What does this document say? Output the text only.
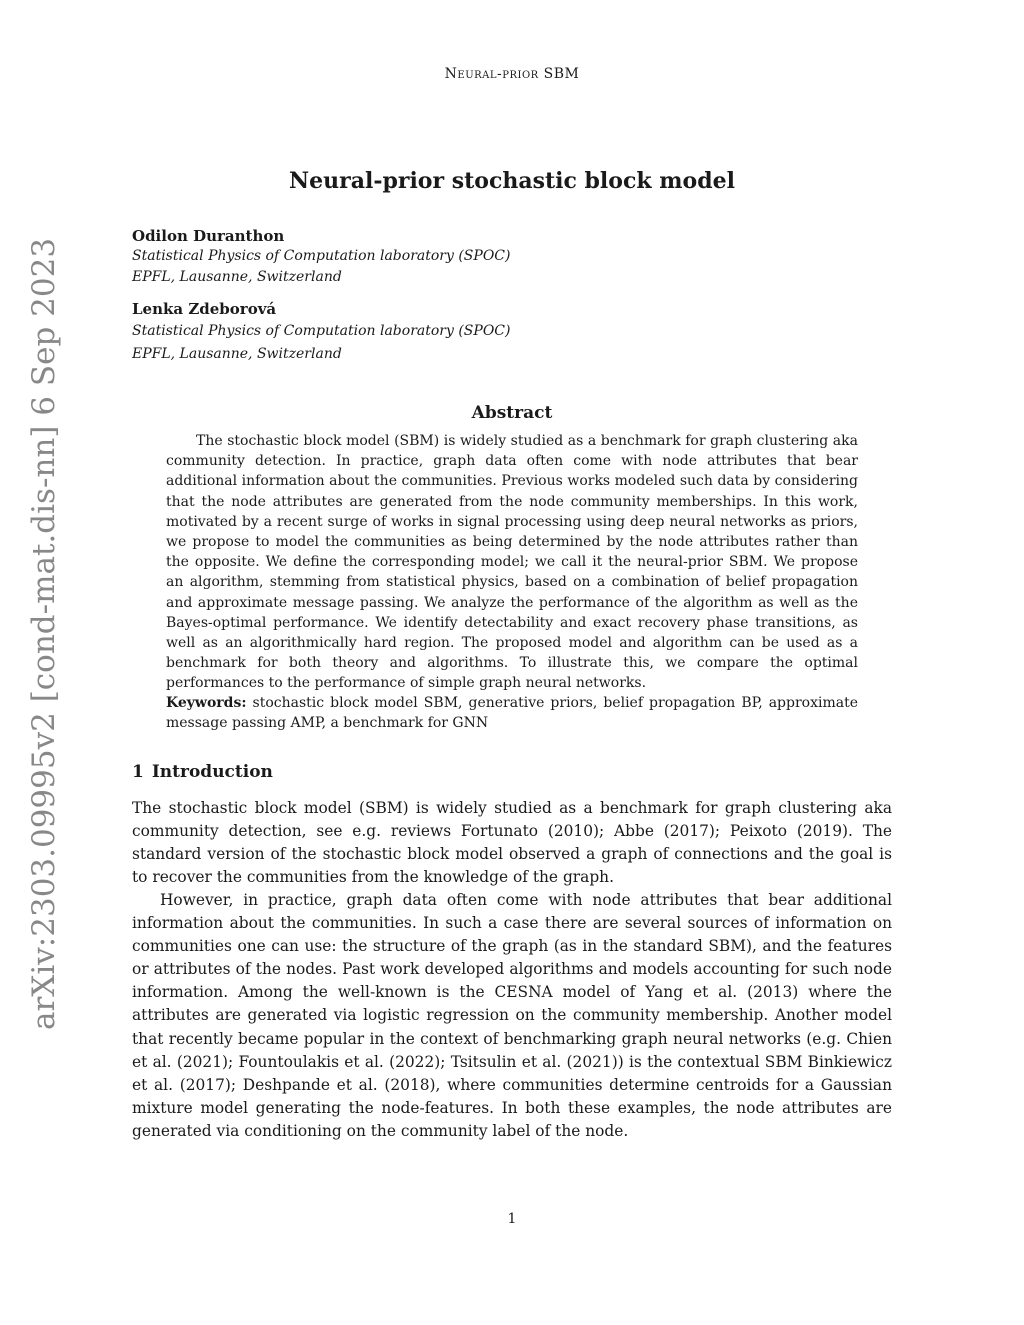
Neural-prior SBM
arXiv:2303.09995v2 [cond-mat.dis-nn] 6 Sep 2023
Neural-prior stochastic block model
Odilon Duranthon
Statistical Physics of Computation laboratory (SPOC)
EPFL, Lausanne, Switzerland
Lenka Zdeborová
Statistical Physics of Computation laboratory (SPOC)
EPFL, Lausanne, Switzerland
Abstract

The stochastic block model (SBM) is widely studied as a benchmark for graph clustering aka community detection. In practice, graph data often come with node attributes that bear additional information about the communities. Previous works modeled such data by considering that the node attributes are generated from the node community memberships. In this work, motivated by a recent surge of works in signal processing using deep neural networks as priors, we propose to model the communities as being determined by the node attributes rather than the opposite. We define the corresponding model; we call it the neural-prior SBM. We propose an algorithm, stemming from statistical physics, based on a combination of belief propagation and approximate message passing. We analyze the performance of the algorithm as well as the Bayes-optimal performance. We identify detectability and exact recovery phase transitions, as well as an algorithmically hard region. The proposed model and algorithm can be used as a benchmark for both theory and algorithms. To illustrate this, we compare the optimal performances to the performance of simple graph neural networks.

Keywords: stochastic block model SBM, generative priors, belief propagation BP, approximate message passing AMP, a benchmark for GNN

1 Introduction

The stochastic block model (SBM) is widely studied as a benchmark for graph clustering aka community detection, see e.g. reviews Fortunato (2010); Abbe (2017); Peixoto (2019). The standard version of the stochastic block model observed a graph of connections and the goal is to recover the communities from the knowledge of the graph.

However, in practice, graph data often come with node attributes that bear additional information about the communities. In such a case there are several sources of information on communities one can use: the structure of the graph (as in the standard SBM), and the features or attributes of the nodes. Past work developed algorithms and models accounting for such node information. Among the well-known is the CESNA model of Yang et al. (2013) where the attributes are generated via logistic regression on the community membership. Another model that recently became popular in the context of benchmarking graph neural networks (e.g. Chien et al. (2021); Fountoulakis et al. (2022); Tsitsulin et al. (2021)) is the contextual SBM Binkiewicz et al. (2017); Deshpande et al. (2018), where communities determine centroids for a Gaussian mixture model generating the node-features. In both these examples, the node attributes are generated via conditioning on the community label of the node.

1
